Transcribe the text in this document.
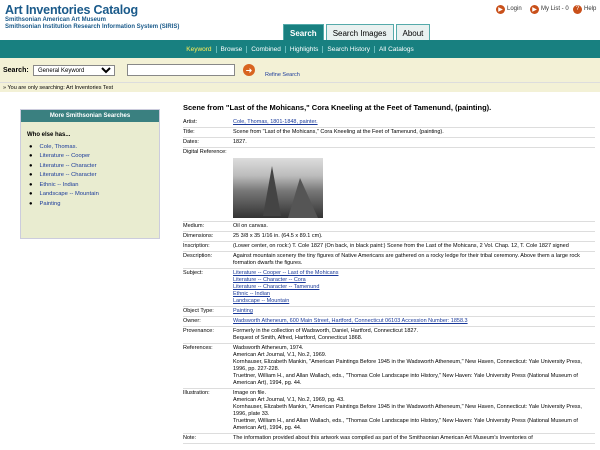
Art Inventories Catalog
Smithsonian American Art Museum
Smithsonian Institution Research Information System (SIRIS)
▶ Login	▶ My List - 0	? Help
Search	Search Images	About
Keyword	Browse	Combined	Highlights	Search History	All Catalogs
Search:
General Keyword	➜
Refine Search
» You are only searching: Art Inventories Test
More Smithsonian Searches
Who else has...
● Cole, Thomas.
● Literature -- Cooper
● Literature -- Character
● Literature -- Character
● Ethnic -- Indian
● Landscape -- Mountain
● Painting
Scene from "Last of the Mohicans," Cora Kneeling at the Feet of Tamenund, (painting).
Artist:	Cole, Thomas, 1801-1848, painter.
Title:	Scene from "Last of the Mohicans," Cora Kneeling at the Feet of Tamenund, (painting).
Dates:	1827.
Digital Reference:
Medium:	Oil on canvas.
Dimensions:	25 3/8 x 35 1/16 in. (64.5 x 89.1 cm).
Inscription:	(Lower center, on rock:) T. Cole 1827 (On back, in black paint:) Scene from the Last of the Mohicans, 2 Vol. Chap. 12, T. Cole 1827 signed
Description:	Against mountain scenery the tiny figures of Native Americans are gathered on a rocky ledge for their tribal ceremony. Above them a large rock formation dwarfs the figures.
Subject:	Literature -- Cooper -- Last of the Mohicans
Literature -- Character -- Cora
Literature -- Character -- Tamenund
Ethnic -- Indian
Landscape -- Mountain
Object Type:	Painting
Owner:	Wadsworth Atheneum, 600 Main Street, Hartford, Connecticut 06103 Accession Number: 1858.3
Provenance:	Formerly in the collection of Wadsworth, Daniel, Hartford, Connecticut 1827.
Bequest of Smith, Alfred, Hartford, Connecticut 1868.
References:	Wadsworth Atheneum, 1974.
American Art Journal, V.1, No.2, 1969.
Kornhauser, Elizabeth Mankin, "American Paintings Before 1945 in the Wadsworth Atheneum," New Haven, Connecticut: Yale University Press, 1996, pp. 227-228.
Truettner, William H., and Allan Wallach, eds., "Thomas Cole Landscape into History," New Haven: Yale University Press (National Museum of American Art), 1994, pg. 44.
Illustration:	Image on file.
American Art Journal, V.1, No.2, 1969, pg. 43.
Kornhauser, Elizabeth Mankin, "American Paintings Before 1945 in the Wadsworth Atheneum," New Haven, Connecticut: Yale University Press, 1996, plate 33.
Truettner, William H., and Allan Wallach, eds., "Thomas Cole Landscape into History," New Haven: Yale University Press (National Museum of American Art), 1994, pg. 44.
Note:	The information provided about this artwork was compiled as part of the Smithsonian American Art Museum's Inventories of
